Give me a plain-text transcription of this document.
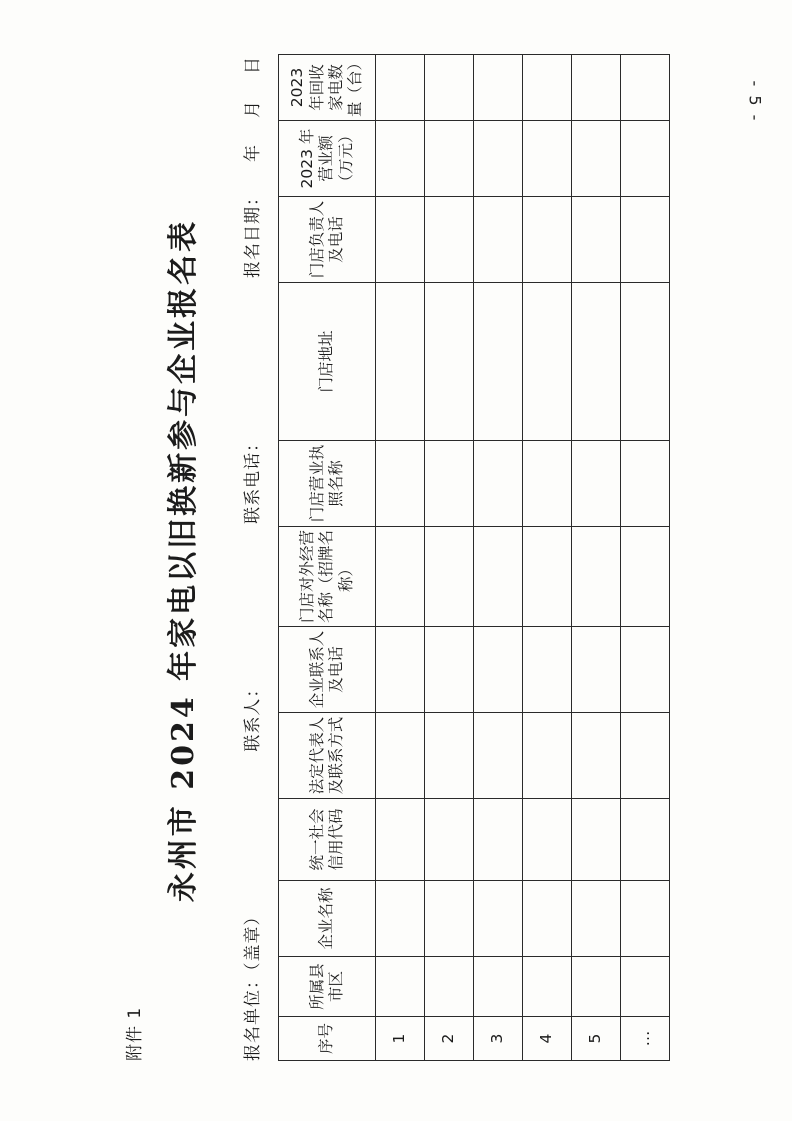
- 5 -
附件 1
永州市 2024 年家电以旧换新参与企业报名表
报名单位：（盖章）
联系人：
联系电话：
报名日期：年月日
序号	所属县市区	企业名称	统一社会信用代码	法定代表人及联系方式	企业联系人及电话	门店对外经营名称（招牌名称）	门店营业执照名称	门店地址	门店负责人及电话	2023 年营业额（万元）	2023 年回收家电数量（台）

1											
2											
3											
4											
5											
…											
